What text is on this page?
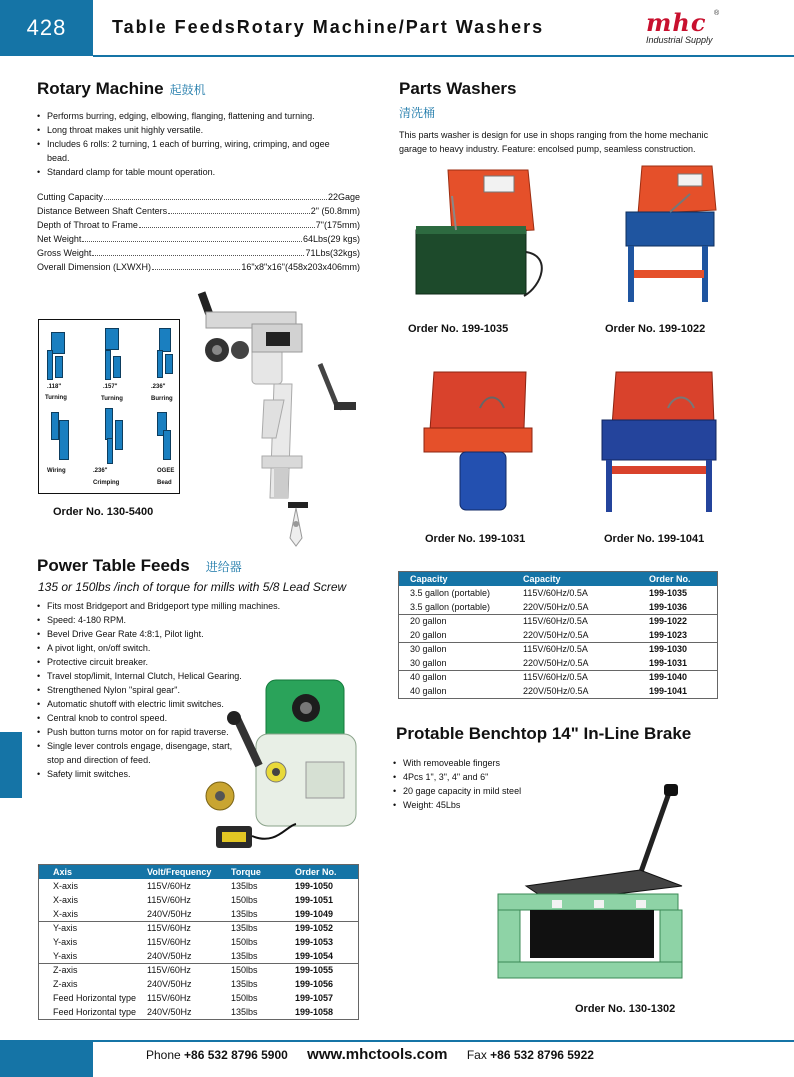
428	Table FeedsRotary Machine/Part Washers	mhc	®
Industrial Supply
Rotary Machine 起鼓机
• Performs burring, edging, elbowing, flanging, flattening and turning.
• Long throat makes unit highly versatile.
• Includes 6 rolls: 2 turning, 1 each of burring, wiring, crimping, and ogee bead.
• Standard clamp for table mount operation.
Cutting Capacity	22Gage
Distance Between Shaft Centers	2" (50.8mm)
Depth of Throat to Frame	7"(175mm)
Net Weight	64Lbs(29 kgs)
Gross Weight	71Lbs(32kgs)
Overall Dimension (LXWXH)	16"x8"x16"(458x203x406mm)
.118"
Turning
.157"
Turning
.236"
Burring
Wiring	.236"
Crimping
OGEE
Bead
Order No. 130-5400
Power Table Feeds 进给器
135 or 150lbs /inch of torque for mills with 5/8 Lead Screw
• Fits most Bridgeport and Bridgeport type milling machines.
• Speed: 4-180 RPM.
• Bevel Drive Gear Rate 4:8:1, Pilot light.
• A pivot light, on/off switch.
• Protective circuit breaker.
• Travel stop/limit, Internal Clutch, Helical Gearing.
• Strengthened Nylon "spiral gear".
• Automatic shutoff with electric limit switches.
• Central knob to control speed.
• Push button turns motor on for rapid traverse.
• Single lever controls engage, disengage, start, stop and direction of feed.
• Safety limit switches.
Axis	Volt/Frequency	Torque	Order No.
X-axis	115V/60Hz	135lbs	199-1050
X-axis	115V/60Hz	150lbs	199-1051
X-axis	240V/50Hz	135lbs	199-1049
Y-axis	115V/60Hz	135lbs	199-1052
Y-axis	115V/60Hz	150lbs	199-1053
Y-axis	240V/50Hz	135lbs	199-1054
Z-axis	115V/60Hz	150lbs	199-1055
Z-axis	240V/50Hz	135lbs	199-1056
Feed Horizontal type	115V/60Hz	150lbs	199-1057
Feed Horizontal type	240V/50Hz	135lbs	199-1058
Parts Washers
清洗桶
This parts washer is design for use in shops ranging from the home mechanic garage to heavy industry. Feature: encolsed pump, seamless construction.
Order No. 199-1035	Order No. 199-1022
Order No. 199-1031	Order No. 199-1041
Capacity	Capacity	Order No.
3.5 gallon (portable)	115V/60Hz/0.5A	199-1035
3.5 gallon (portable)	220V/50Hz/0.5A	199-1036
20 gallon	115V/60Hz/0.5A	199-1022
20 gallon	220V/50Hz/0.5A	199-1023
30 gallon	115V/60Hz/0.5A	199-1030
30 gallon	220V/50Hz/0.5A	199-1031
40 gallon	115V/60Hz/0.5A	199-1040
40 gallon	220V/50Hz/0.5A	199-1041
Protable Benchtop 14" In-Line Brake
• With removeable fingers
• 4Pcs 1", 3", 4" and 6"
• 20 gage capacity in mild steel
• Weight: 45Lbs
Order No. 130-1302
Phone +86 532 8796 5900 www.mhctools.com Fax +86 532 8796 5922
